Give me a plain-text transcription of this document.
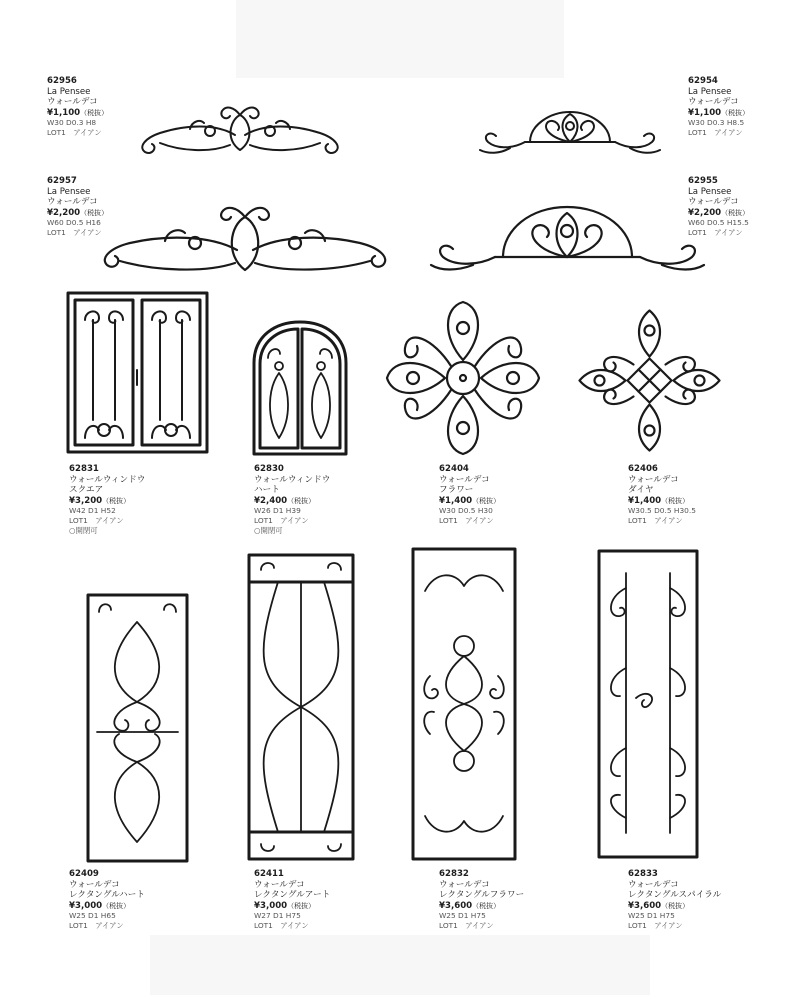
62956
La Pensee
ウォールデコ
¥1,100（税抜）
W30 D0.3 H8
LOT1　アイアン
62954
La Pensee
ウォールデコ
¥1,100（税抜）
W30 D0.3 H8.5
LOT1　アイアン
62957
La Pensee
ウォールデコ
¥2,200（税抜）
W60 D0.5 H16
LOT1　アイアン
62955
La Pensee
ウォールデコ
¥2,200（税抜）
W60 D0.5 H15.5
LOT1　アイアン
62831
ウォールウィンドウ
スクエア
¥3,200（税抜）
W42 D1 H52
LOT1　アイアン
○開閉可
62830
ウォールウィンドウ
ハート
¥2,400（税抜）
W26 D1 H39
LOT1　アイアン
○開閉可
62404
ウォールデコ
フラワー
¥1,400（税抜）
W30 D0.5 H30
LOT1　アイアン
62406
ウォールデコ
ダイヤ
¥1,400（税抜）
W30.5 D0.5 H30.5
LOT1　アイアン
62409
ウォールデコ
レクタングルハート
¥3,000（税抜）
W25 D1 H65
LOT1　アイアン
62411
ウォールデコ
レクタングルアート
¥3,000（税抜）
W27 D1 H75
LOT1　アイアン
62832
ウォールデコ
レクタングルフラワー
¥3,600（税抜）
W25 D1 H75
LOT1　アイアン
62833
ウォールデコ
レクタングルスパイラル
¥3,600（税抜）
W25 D1 H75
LOT1　アイアン
